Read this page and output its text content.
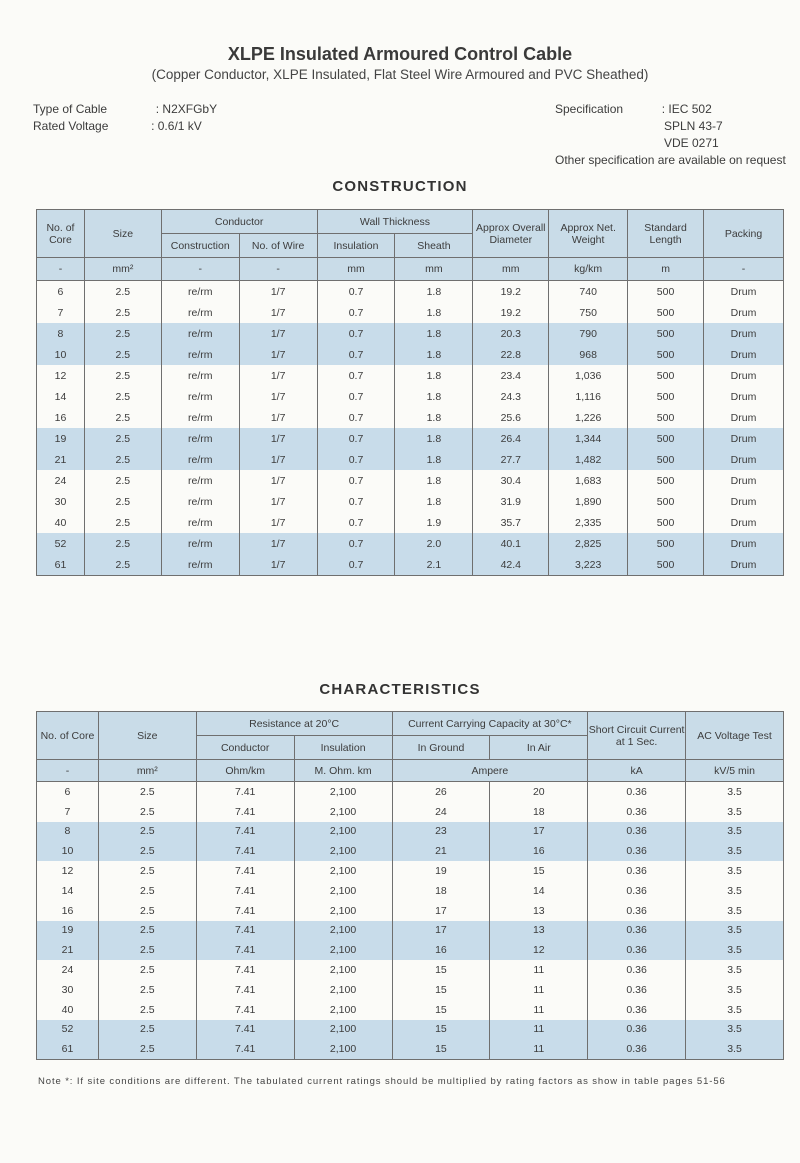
XLPE Insulated Armoured Control Cable
(Copper Conductor, XLPE Insulated, Flat Steel Wire Armoured and PVC Sheathed)
Type of Cable	: N2XFGbY
Rated Voltage	: 0.6/1 kV
Specification	: IEC 502
SPLN 43-7
VDE 0271
Other specification are available on request
CONSTRUCTION
No. of Core	Size	Conductor		Wall Thickness		Approx Overall Diameter	Approx Net. Weight	Standard Length	Packing
		Construction	No. of Wire	Insulation	Sheath				
-	mm²	-	-	mm	mm	mm	kg/km	m	-
6	2.5	re/rm	1/7	0.7	1.8	19.2	740	500	Drum
7	2.5	re/rm	1/7	0.7	1.8	19.2	750	500	Drum
8	2.5	re/rm	1/7	0.7	1.8	20.3	790	500	Drum
10	2.5	re/rm	1/7	0.7	1.8	22.8	968	500	Drum
12	2.5	re/rm	1/7	0.7	1.8	23.4	1,036	500	Drum
14	2.5	re/rm	1/7	0.7	1.8	24.3	1,116	500	Drum
16	2.5	re/rm	1/7	0.7	1.8	25.6	1,226	500	Drum
19	2.5	re/rm	1/7	0.7	1.8	26.4	1,344	500	Drum
21	2.5	re/rm	1/7	0.7	1.8	27.7	1,482	500	Drum
24	2.5	re/rm	1/7	0.7	1.8	30.4	1,683	500	Drum
30	2.5	re/rm	1/7	0.7	1.8	31.9	1,890	500	Drum
40	2.5	re/rm	1/7	0.7	1.9	35.7	2,335	500	Drum
52	2.5	re/rm	1/7	0.7	2.0	40.1	2,825	500	Drum
61	2.5	re/rm	1/7	0.7	2.1	42.4	3,223	500	Drum
CHARACTERISTICS
No. of Core	Size	Resistance at 20°C		Current Carrying Capacity at 30°C*		Short Circuit Current at 1 Sec.	AC Voltage Test
		Conductor	Insulation	In Ground	In Air		
-	mm²	Ohm/km	M. Ohm. km	Ampere		kA	kV/5 min
6	2.5	7.41	2,100	26	20	0.36	3.5
7	2.5	7.41	2,100	24	18	0.36	3.5
8	2.5	7.41	2,100	23	17	0.36	3.5
10	2.5	7.41	2,100	21	16	0.36	3.5
12	2.5	7.41	2,100	19	15	0.36	3.5
14	2.5	7.41	2,100	18	14	0.36	3.5
16	2.5	7.41	2,100	17	13	0.36	3.5
19	2.5	7.41	2,100	17	13	0.36	3.5
21	2.5	7.41	2,100	16	12	0.36	3.5
24	2.5	7.41	2,100	15	11	0.36	3.5
30	2.5	7.41	2,100	15	11	0.36	3.5
40	2.5	7.41	2,100	15	11	0.36	3.5
52	2.5	7.41	2,100	15	11	0.36	3.5
61	2.5	7.41	2,100	15	11	0.36	3.5
Note *: If site conditions are different. The tabulated current ratings should be multiplied by rating factors as show in table pages 51-56
